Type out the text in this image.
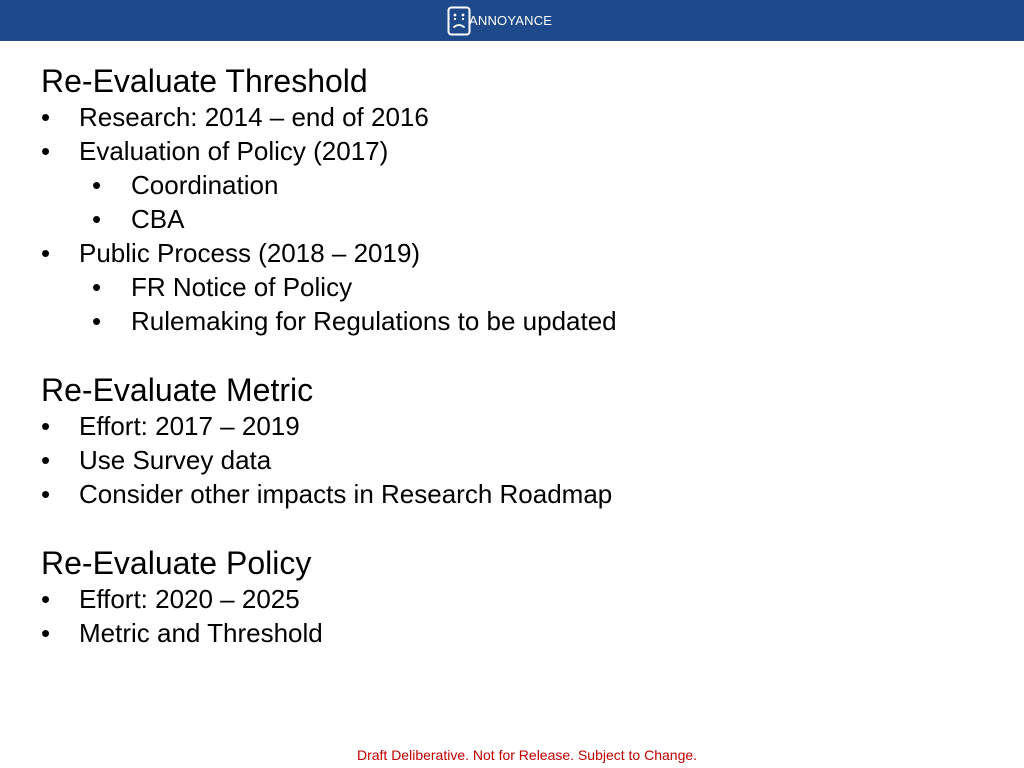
ANNOYANCE
Re-Evaluate Threshold
• Research: 2014 – end of 2016
• Evaluation of Policy (2017)
• Coordination
• CBA
• Public Process (2018 – 2019)
• FR Notice of Policy
• Rulemaking for Regulations to be updated
Re-Evaluate Metric
• Effort: 2017 – 2019
• Use Survey data
• Consider other impacts in Research Roadmap
Re-Evaluate Policy
• Effort: 2020 – 2025
• Metric and Threshold
Draft Deliberative. Not for Release. Subject to Change.
